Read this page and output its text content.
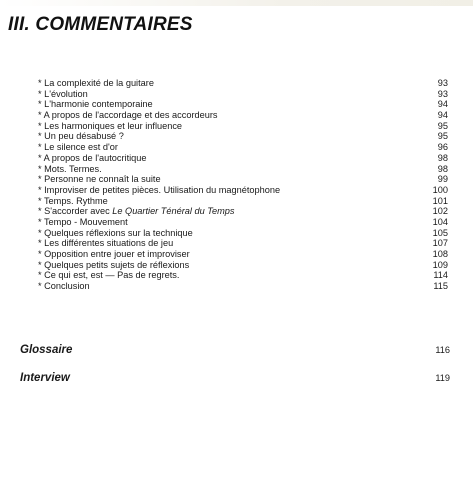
III. COMMENTAIRES
* La complexité de la guitare	93
* L'évolution	93
* L'harmonie contemporaine	94
* A propos de l'accordage et des accordeurs	94
* Les harmoniques et leur influence	95
* Un peu désabusé ?	95
* Le silence est d'or	96
* A propos de l'autocritique	98
* Mots. Termes.	98
* Personne ne connaît la suite	99
* Improviser de petites pièces. Utilisation du magnétophone	100
* Temps. Rythme	101
* S'accorder avec Le Quartier Ténéral du Temps	102
* Tempo - Mouvement	104
* Quelques réflexions sur la technique	105
* Les différentes situations de jeu	107
* Opposition entre jouer et improviser	108
* Quelques petits sujets de réflexions	109
* Ce qui est, est — Pas de regrets.	114
* Conclusion	115
Glossaire	116
Interview	119
